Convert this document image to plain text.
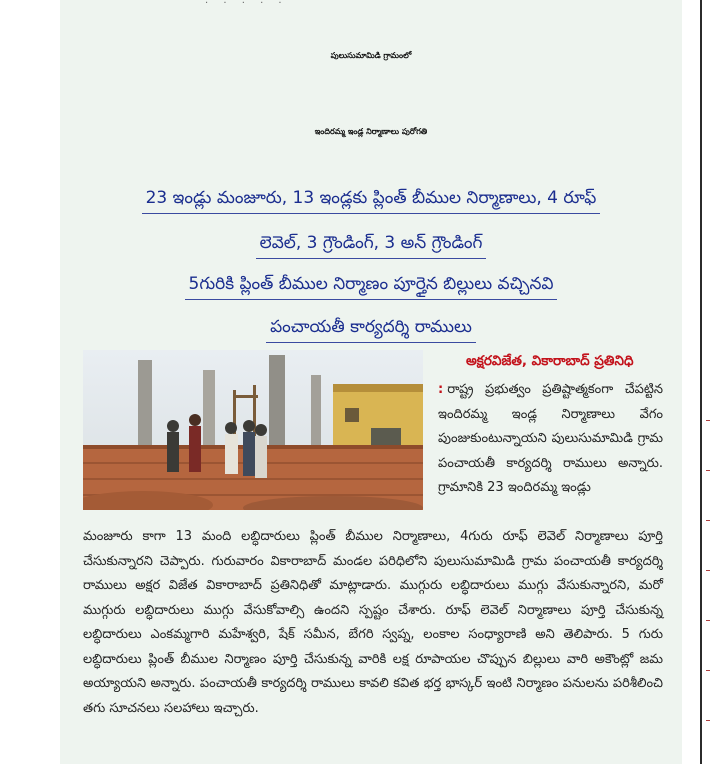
· · · · ·
పులుసుమామిడి గ్రామంలో
ఇందిరమ్మ ఇండ్ల నిర్మాణాలు పురోగతి

23 ఇండ్లు మంజూరు, 13 ఇండ్లకు ప్లింత్ బీముల నిర్మాణాలు, 4 రూఫ్

లెవెల్, 3 గ్రౌండింగ్, 3 అన్ గ్రౌండింగ్

5గురికి ప్లింత్ బీముల నిర్మాణం పూర్తైన బిల్లులు వచ్చినవి

పంచాయతీ కార్యదర్శి రాములు

అక్షరవిజేత, వికారాబాద్ ప్రతినిధి

: రాష్ట్ర ప్రభుత్వం ప్రతిష్టాత్మకంగా చేపట్టిన ఇందిరమ్మ ఇండ్ల నిర్మాణాలు వేగం పుంజుకుంటున్నాయని పులుసుమామిడి గ్రామ పంచాయతీ కార్యదర్శి రాములు అన్నారు. గ్రామానికి 23 ఇందిరమ్మ ఇండ్లు

మంజూరు కాగా 13 మంది లబ్ధిదారులు ప్లింత్ బీముల నిర్మాణాలు, 4గురు రూఫ్ లెవెల్ నిర్మాణాలు పూర్తి చేసుకున్నారని చెప్పారు. గురువారం వికారాబాద్ మండల పరిధిలోని పులుసుమామిడి గ్రామ పంచాయతీ కార్యదర్శి రాములు అక్షర విజేత వికారాబాద్ ప్రతినిధితో మాట్లాడారు. ముగ్గురు లబ్ధిదారులు ముగ్గు వేసుకున్నారని, మరో ముగ్గురు లబ్ధిదారులు ముగ్గు వేసుకోవాల్సి ఉందని స్పష్టం చేశారు. రూఫ్ లెవెల్ నిర్మాణాలు పూర్తి చేసుకున్న లబ్ధిదారులు ఎంకమ్మగారి మహేశ్వరి, షేక్ సమీన, బేగరి స్వప్న, లంకాల సంధ్యారాణి అని తెలిపారు. 5 గురు లబ్ధిదారులు ప్లింత్ బీముల నిర్మాణం పూర్తి చేసుకున్న వారికి లక్ష రూపాయల చొప్పున బిల్లులు వారి అకౌంట్లో జమ అయ్యాయని అన్నారు. పంచాయతీ కార్యదర్శి రాములు కావలి కవిత భర్త భాస్కర్ ఇంటి నిర్మాణం పనులను పరిశీలించి తగు సూచనలు సలహాలు ఇచ్చారు.
